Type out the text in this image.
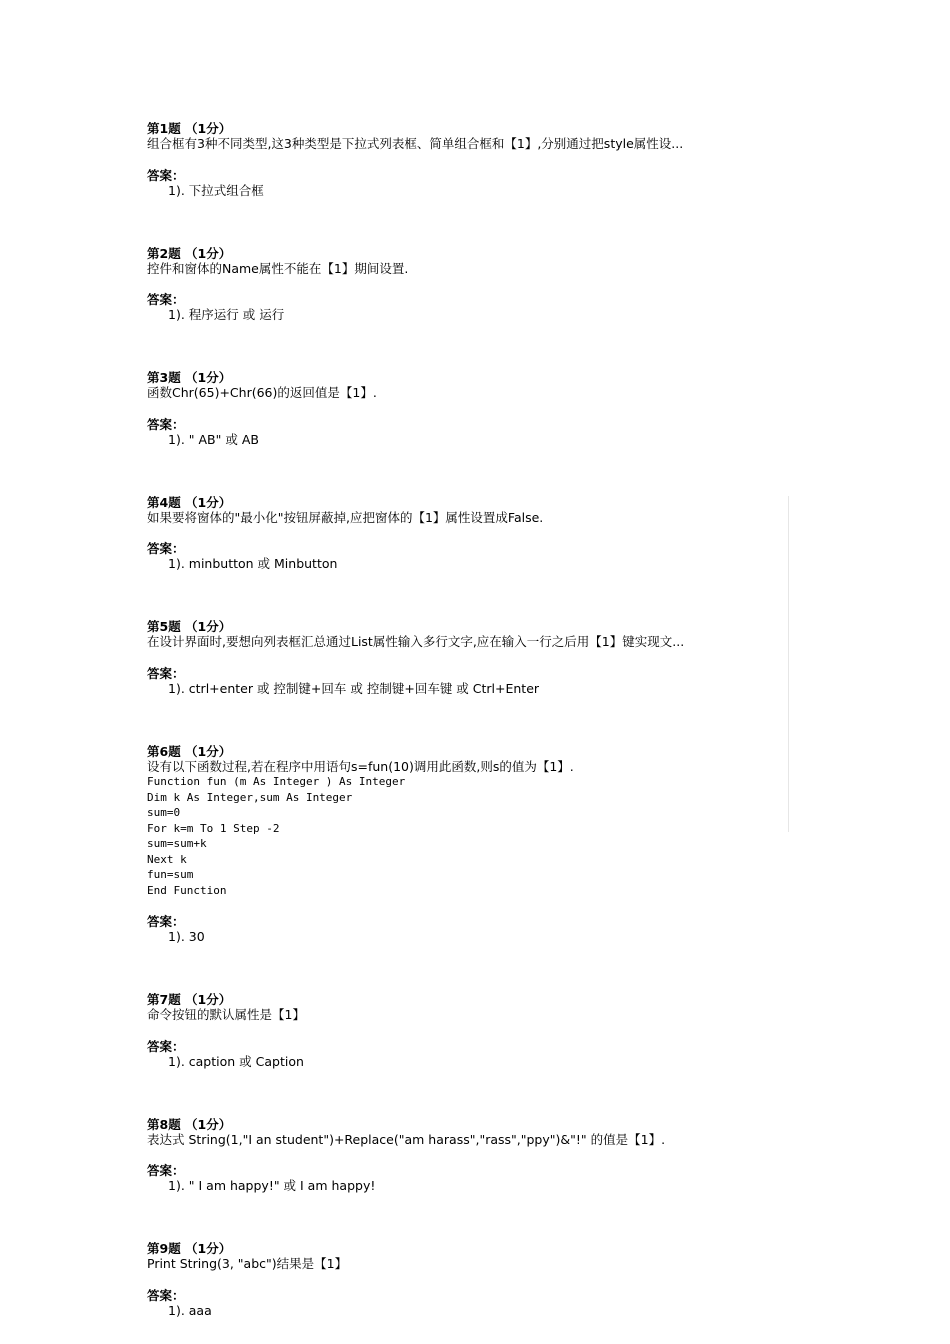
第1题 （1分）
组合框有3种不同类型,这3种类型是下拉式列表框、简单组合框和【1】,分别通过把style属性设...
答案：
1). 下拉式组合框
第2题 （1分）
控件和窗体的Name属性不能在【1】期间设置.
答案：
1). 程序运行 或 运行
第3题 （1分）
函数Chr(65)+Chr(66)的返回值是【1】.
答案：
1). " AB" 或 AB
第4题 （1分）
如果要将窗体的"最小化"按钮屏蔽掉,应把窗体的【1】属性设置成False.
答案：
1). minbutton 或 Minbutton
第5题 （1分）
在设计界面时,要想向列表框汇总通过List属性输入多行文字,应在输入一行之后用【1】键实现文...
答案：
1). ctrl+enter 或 控制键+回车 或 控制键+回车键 或 Ctrl+Enter
第6题 （1分）
设有以下函数过程,若在程序中用语句s=fun(10)调用此函数,则s的值为【1】.
Function fun (m As Integer ) As Integer
Dim k As Integer,sum As Integer
sum=0
For k=m To 1 Step -2
sum=sum+k
Next k
fun=sum
End Function
答案：
1). 30
第7题 （1分）
命令按钮的默认属性是【1】
答案：
1). caption 或 Caption
第8题 （1分）
表达式 String(1,"I an student")+Replace("am harass","rass","ppy")&"!" 的值是【1】.
答案：
1). " I am happy!" 或 I am happy!
第9题 （1分）
Print String(3, "abc")结果是【1】
答案：
1). aaa
